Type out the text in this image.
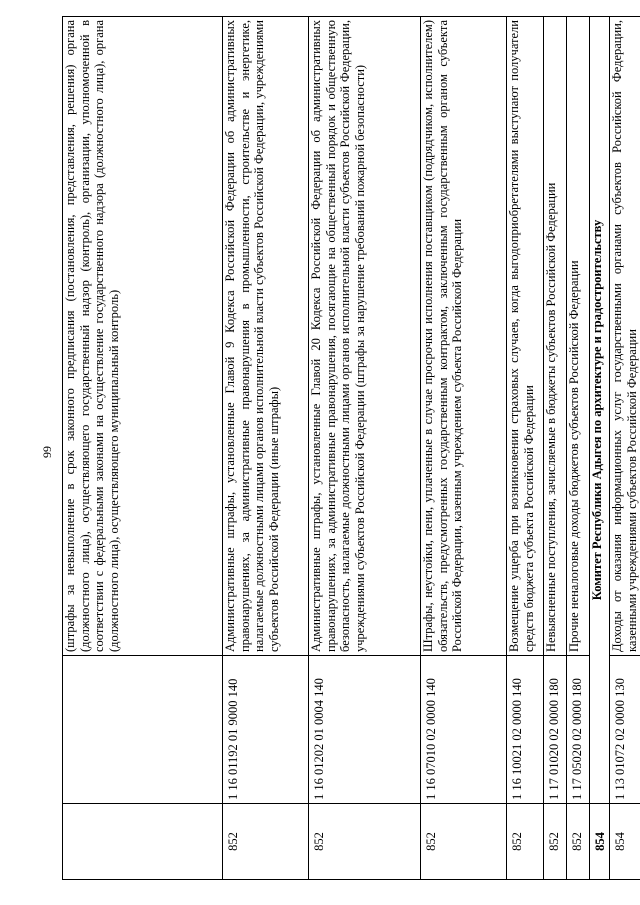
99

		(штрафы за невыполнение в срок законного предписания (постановления, представления, решения) органа (должностного лица), осуществляющего государственный надзор (контроль), организации, уполномоченной в соответствии с федеральными законами на осуществление государственного надзора (должностного лица), органа (должностного лица), осуществляющего муниципальный контроль)

852	1 16 01192 01 9000 140	Административные штрафы, установленные Главой 9 Кодекса Российской Федерации об административных правонарушениях, за административные правонарушения в промышленности, строительстве и энергетике, налагаемые должностными лицами органов исполнительной власти субъектов Российской Федерации, учреждениями субъектов Российской Федерации (иные штрафы)

852	1 16 01202 01 0004 140	Административные штрафы, установленные Главой 20 Кодекса Российской Федерации об административных правонарушениях, за административные правонарушения, посягающие на общественный порядок и общественную безопасность, налагаемые должностными лицами органов исполнительной власти субъектов Российской Федерации, учреждениями субъектов Российской Федерации (штрафы за нарушение требований пожарной безопасности)

852	1 16 07010 02 0000 140	Штрафы, неустойки, пени, уплаченные в случае просрочки исполнения поставщиком (подрядчиком, исполнителем) обязательств, предусмотренных государственным контрактом, заключенным государственным органом субъекта Российской Федерации, казенным учреждением субъекта Российской Федерации

852	1 16 10021 02 0000 140	Возмещение ущерба при возникновении страховых случаев, когда выгодоприобретателями выступают получатели средств бюджета субъекта Российской Федерации

852	1 17 01020 02 0000 180	Невыясненные поступления, зачисляемые в бюджеты субъектов Российской Федерации

852	1 17 05020 02 0000 180	Прочие неналоговые доходы бюджетов субъектов Российской Федерации

854	Комитет Республики Адыгея по архитектуре и градостроительству	

854	1 13 01072 02 0000 130	Доходы от оказания информационных услуг государственными органами субъектов Российской Федерации, казенными учреждениями субъектов Российской Федерации
